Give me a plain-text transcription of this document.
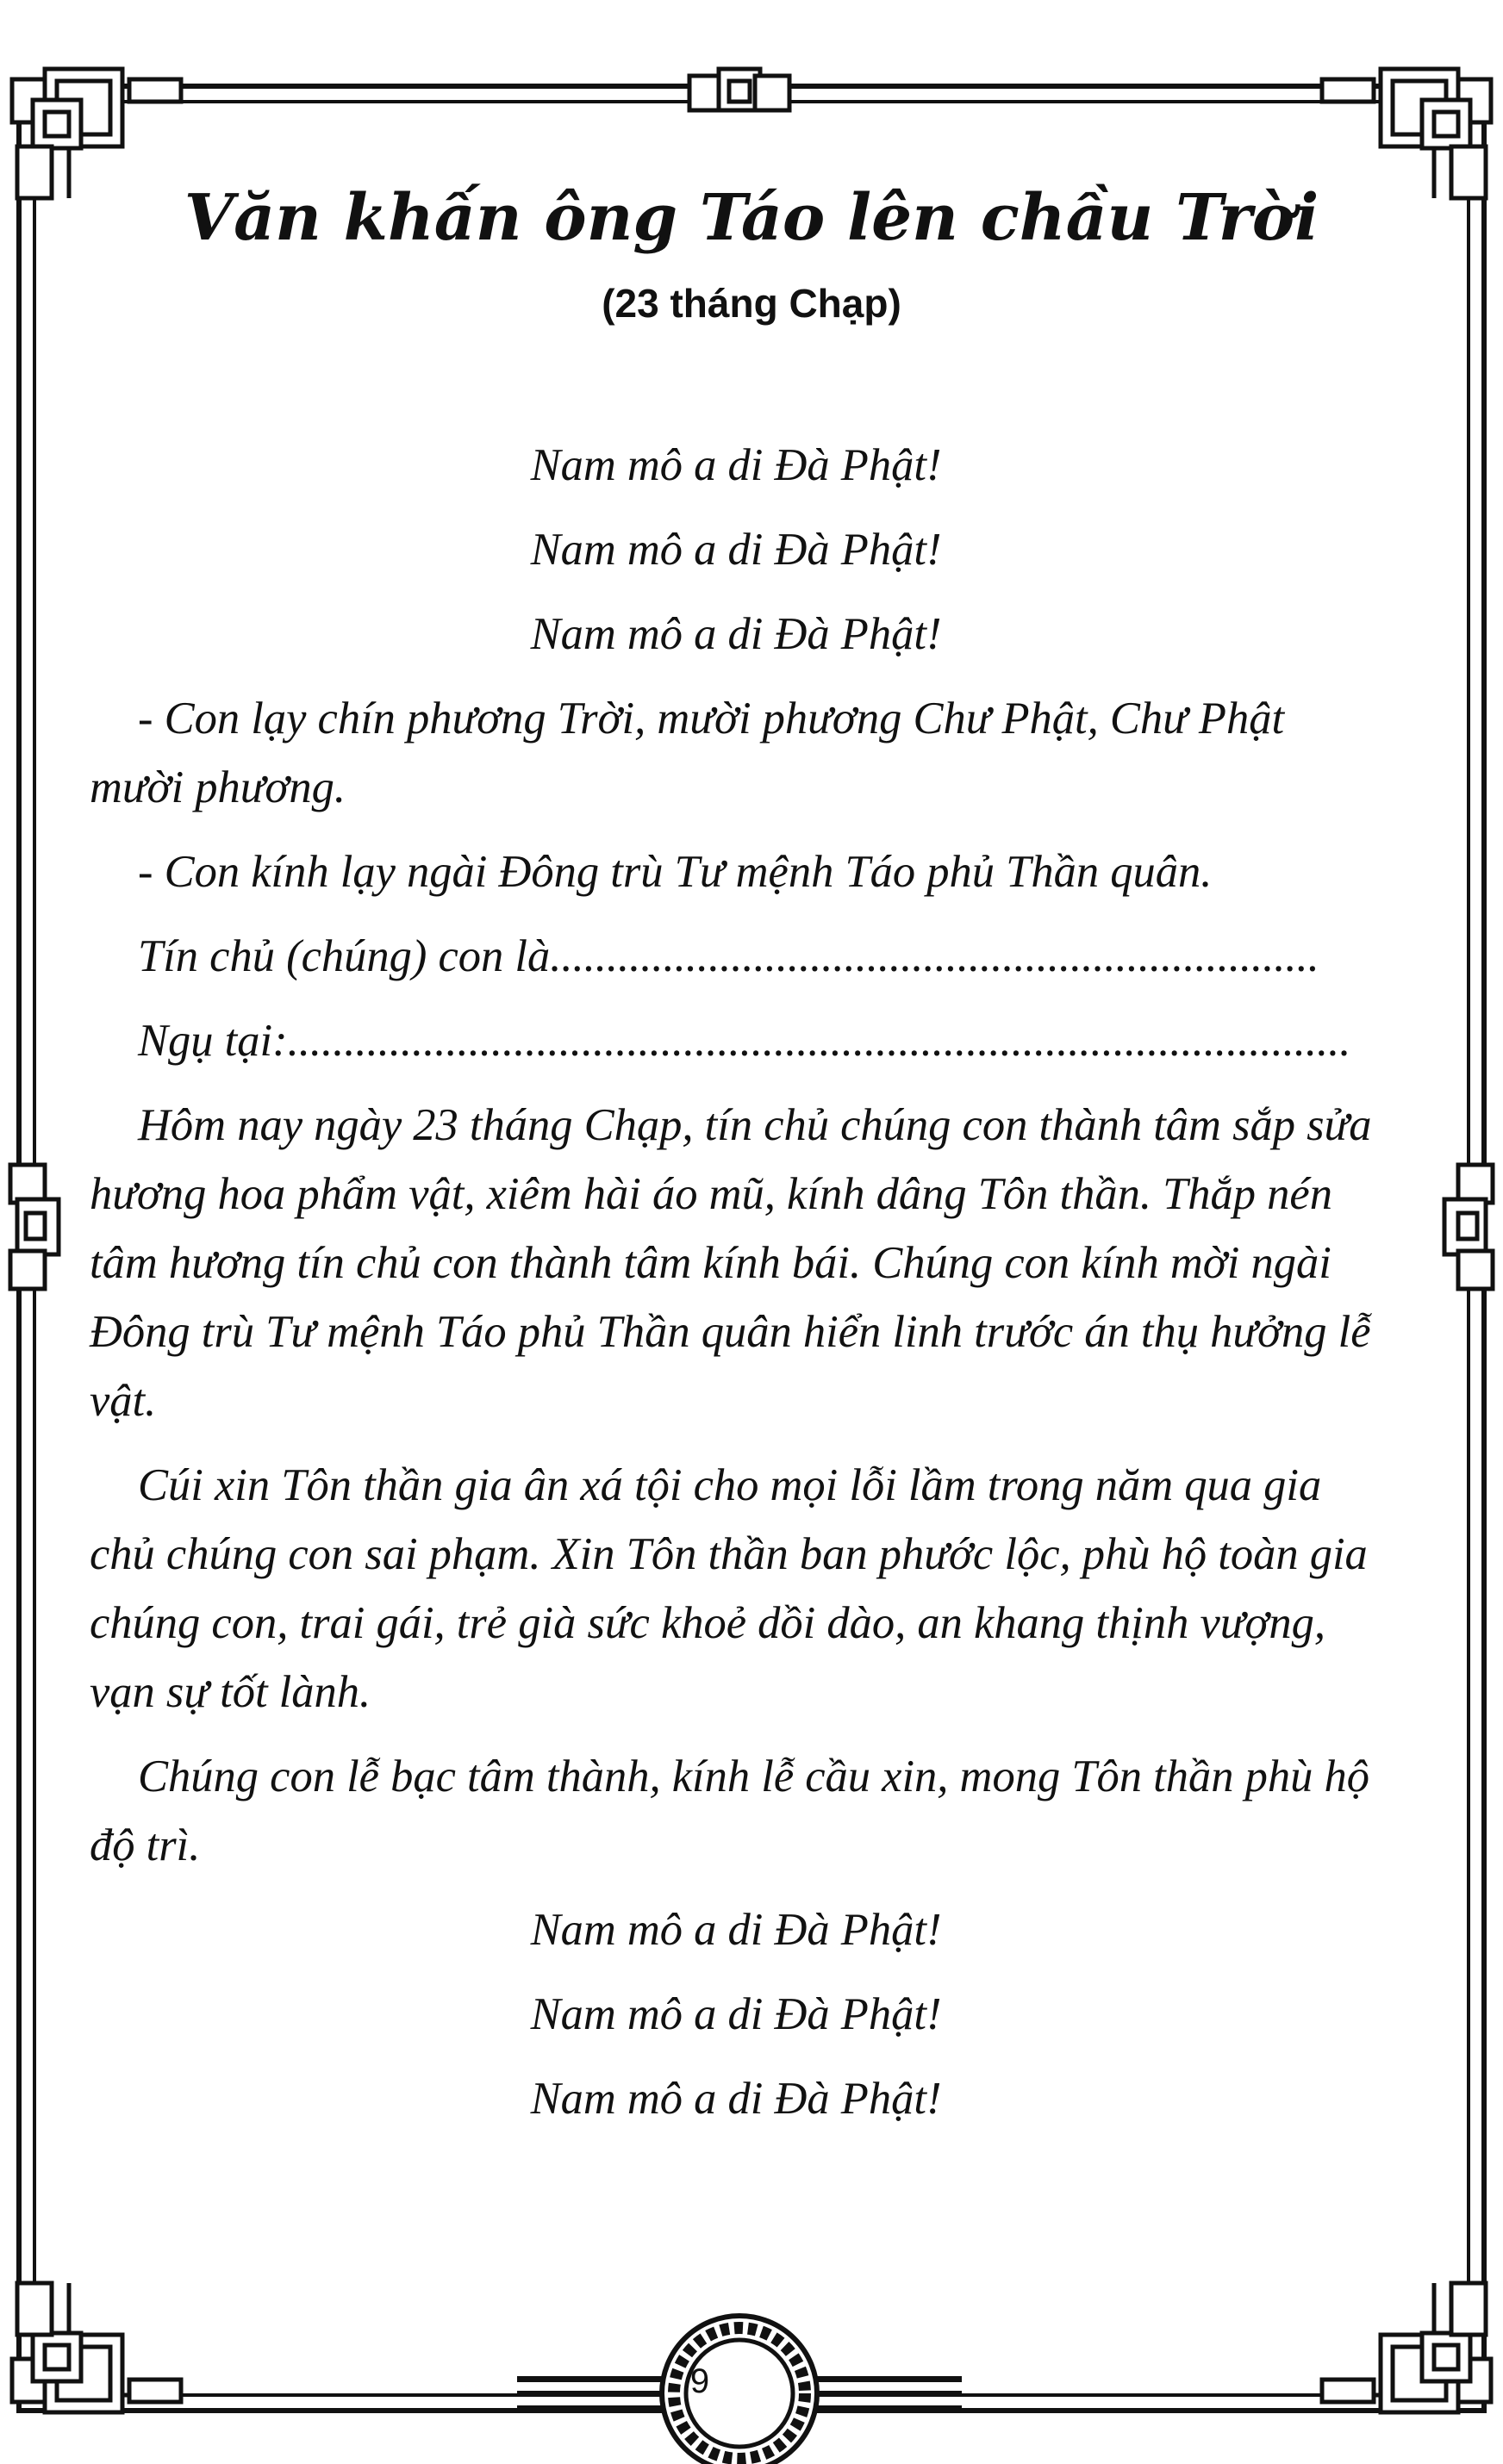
Văn khấn ông Táo lên chầu Trời
(23 tháng Chạp)

Nam mô a di Đà Phật!

Nam mô a di Đà Phật!

Nam mô a di Đà Phật!

- Con lạy chín phương Trời, mười phương Chư Phật, Chư Phật mười phương.

- Con kính lạy ngài Đông trù Tư mệnh Táo phủ Thần quân.

Tín chủ (chúng) con là....................................................................

Ngụ tại:..............................................................................................

Hôm nay ngày 23 tháng Chạp, tín chủ chúng con thành tâm sắp sửa hương hoa phẩm vật, xiêm hài áo mũ, kính dâng Tôn thần. Thắp nén tâm hương tín chủ con thành tâm kính bái. Chúng con kính mời ngài Đông trù Tư mệnh Táo phủ Thần quân hiển linh trước án thụ hưởng lễ vật.

Cúi xin Tôn thần gia ân xá tội cho mọi lỗi lầm trong năm qua gia chủ chúng con sai phạm. Xin Tôn thần ban phước lộc, phù hộ toàn gia chúng con, trai gái, trẻ già sức khoẻ dồi dào, an khang thịnh vượng, vạn sự tốt lành.

Chúng con lễ bạc tâm thành, kính lễ cầu xin, mong Tôn thần phù hộ độ trì.

Nam mô a di Đà Phật!

Nam mô a di Đà Phật!

Nam mô a di Đà Phật!

9
